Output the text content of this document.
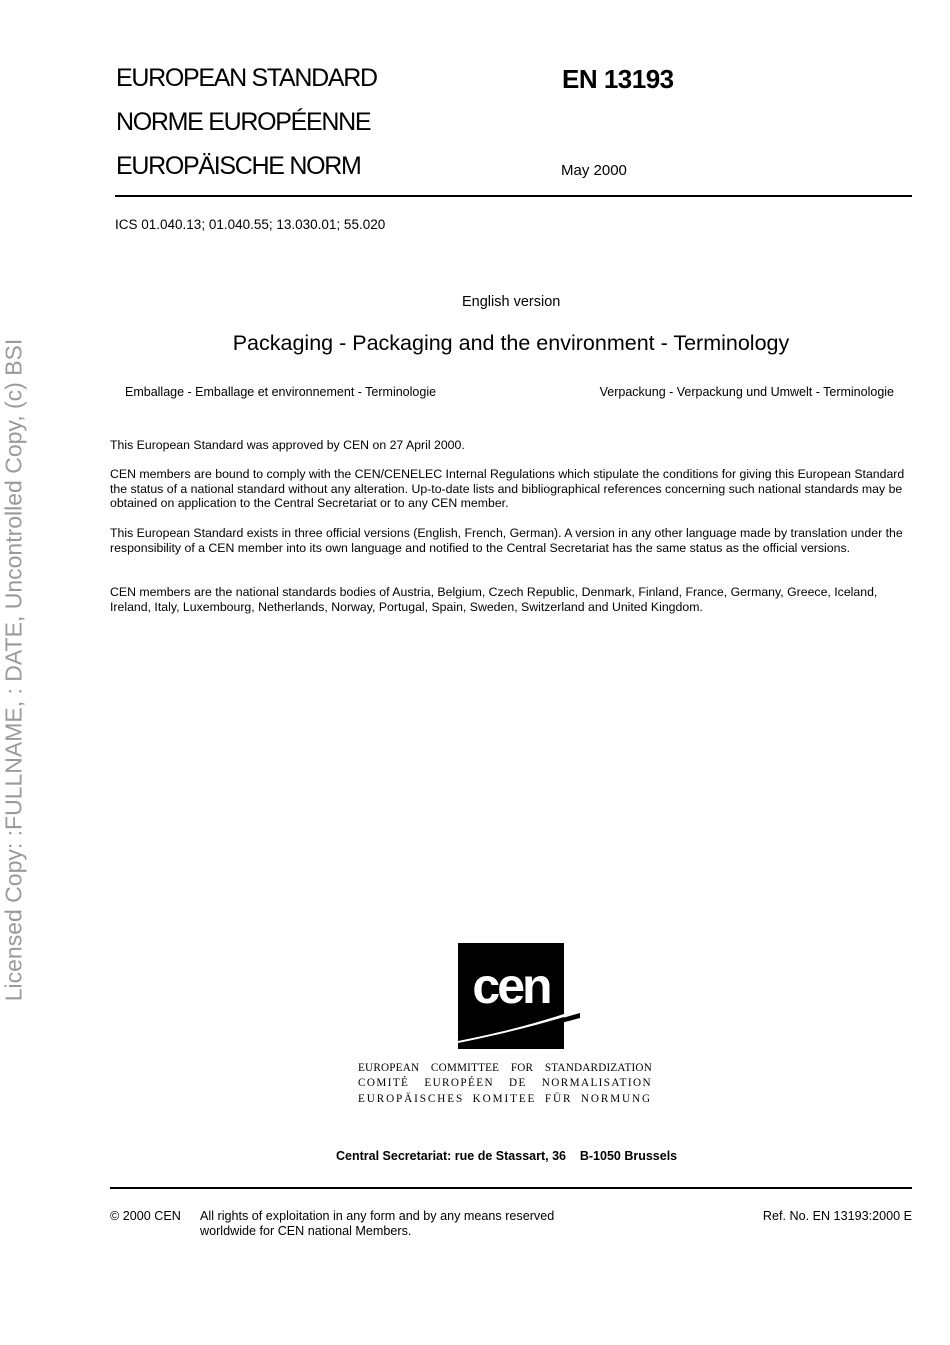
EUROPEAN STANDARD
NORME EUROPÉENNE
EUROPÄISCHE NORM
EN 13193
May 2000
ICS 01.040.13; 01.040.55; 13.030.01; 55.020
English version
Packaging - Packaging and the environment - Terminology
Emballage - Emballage et environnement - Terminologie	Verpackung - Verpackung und Umwelt - Terminologie
This European Standard was approved by CEN on 27 April 2000.
CEN members are bound to comply with the CEN/CENELEC Internal Regulations which stipulate the conditions for giving this European Standard the status of a national standard without any alteration. Up-to-date lists and bibliographical references concerning such national standards may be obtained on application to the Central Secretariat or to any CEN member.
This European Standard exists in three official versions (English, French, German). A version in any other language made by translation under the responsibility of a CEN member into its own language and notified to the Central Secretariat has the same status as the official versions.
CEN members are the national standards bodies of Austria, Belgium, Czech Republic, Denmark, Finland, France, Germany, Greece, Iceland, Ireland, Italy, Luxembourg, Netherlands, Norway, Portugal, Spain, Sweden, Switzerland and United Kingdom.
Licensed Copy: :FULLNAME, : DATE, Uncontrolled Copy, (c) BSI	cen
EUROPEAN COMMITTEE FOR STANDARDIZATION
COMITÉ EUROPÉEN DE NORMALISATION
EUROPÄISCHES KOMITEE FÜR NORMUNG
Central Secretariat: rue de Stassart, 36    B-1050 Brussels
© 2000 CEN All rights of exploitation in any form and by any means reserved worldwide for CEN national Members.
Ref. No. EN 13193:2000 E
